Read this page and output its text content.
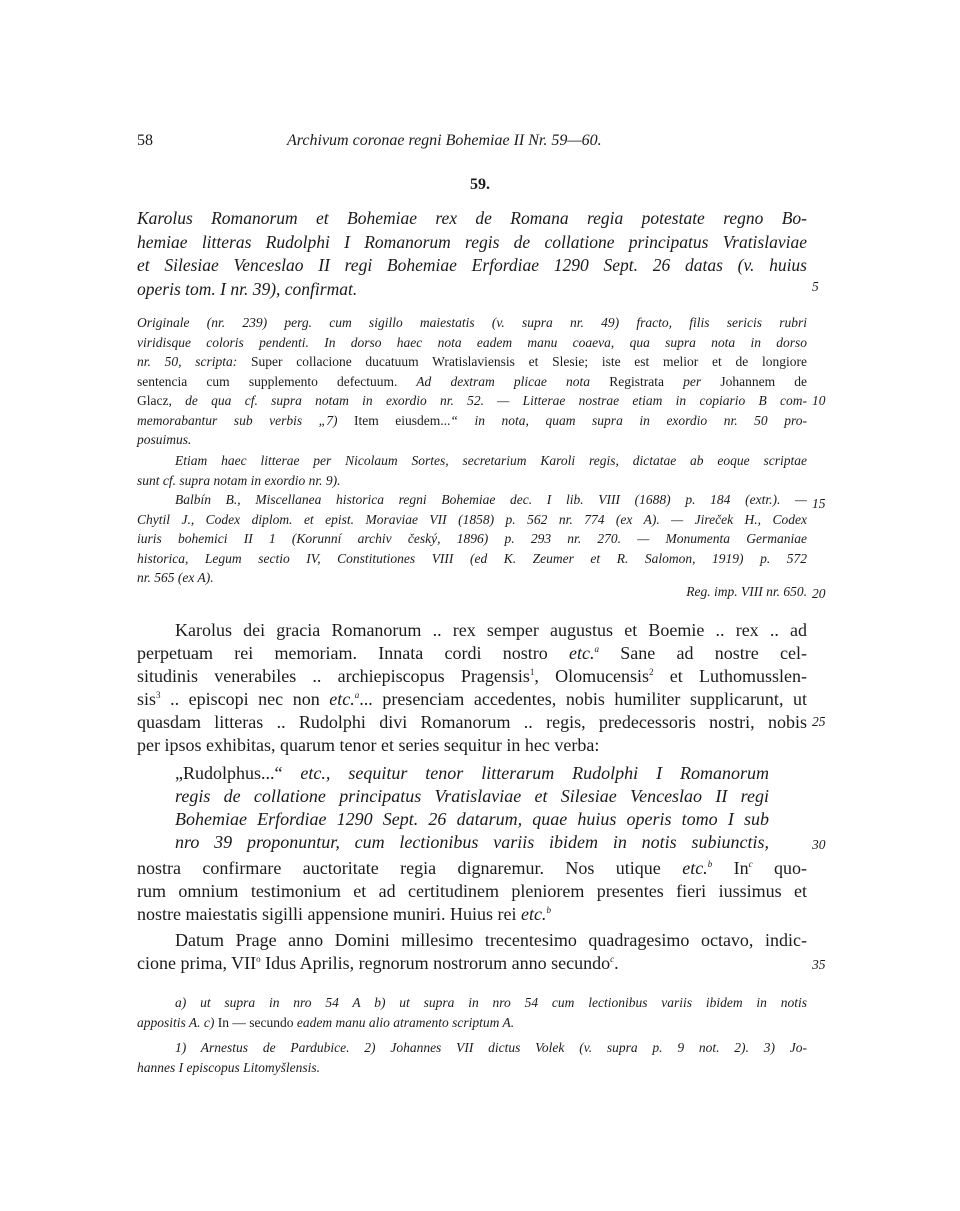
58	Archivum coronae regni Bohemiae II Nr. 59—60.
59.
Karolus Romanorum et Bohemiae rex de Romana regia potestate regno Bo-
hemiae litteras Rudolphi I Romanorum regis de collatione principatus Vratislaviae
et Silesiae Venceslao II regi Bohemiae Erfordiae 1290 Sept. 26 datas (v. huius
operis tom. I nr. 39), confirmat.	5
Originale (nr. 239) perg. cum sigillo maiestatis (v. supra nr. 49) fracto, filis sericis rubri
viridisque coloris pendenti. In dorso haec nota eadem manu coaeva, qua supra nota in dorso
nr. 50, scripta: Super collacione ducatuum Wratislaviensis et Slesie; iste est melior et de longiore
sentencia cum supplemento defectuum. Ad dextram plicae nota Registrata per Johannem de
Glacz, de qua cf. supra notam in exordio nr. 52. — Litterae nostrae etiam in copiario B com-
memorabantur sub verbis „7) Item eiusdem...“ in nota, quam supra in exordio nr. 50 pro-
posuimus.
10
Etiam haec litterae per Nicolaum Sortes, secretarium Karoli regis, dictatae ab eoque scriptae
sunt cf. supra notam in exordio nr. 9).
Balbín B., Miscellanea historica regni Bohemiae dec. I lib. VIII (1688) p. 184 (extr.). —
Chytil J., Codex diplom. et epist. Moraviae VII (1858) p. 562 nr. 774 (ex A). — Jireček H., Codex
iuris bohemici II 1 (Korunní archiv český, 1896) p. 293 nr. 270. — Monumenta Germaniae
historica, Legum sectio IV, Constitutiones VIII (ed K. Zeumer et R. Salomon, 1919) p. 572
nr. 565 (ex A).
15
Reg. imp. VIII nr. 650. 20
Karolus dei gracia Romanorum .. rex semper augustus et Boemie .. rex .. ad
perpetuam rei memoriam. Innata cordi nostro etc.$^a$ Sane ad nostre cel-
situdinis venerabiles .. archiepiscopus Pragensis$^1$, Olomucensis$^2$ et Luthomusslen-
sis$^3$ .. episcopi nec non etc.$^a$... presenciam accedentes, nobis humiliter supplicarunt, ut
quasdam litteras .. Rudolphi divi Romanorum .. regis, predecessoris nostri, nobis
per ipsos exhibitas, quarum tenor et series sequitur in hec verba:
25
„Rudolphus...“ etc., sequitur tenor litterarum Rudolphi I Romanorum
regis de collatione principatus Vratislaviae et Silesiae Venceslao II regi
Bohemiae Erfordiae 1290 Sept. 26 datarum, quae huius operis tomo I sub
nro 39 proponuntur, cum lectionibus variis ibidem in notis subiunctis,	30
nostra confirmare auctoritate regia dignaremur. Nos utique etc.$^b$ In$^c$ quo-
rum omnium testimonium et ad certitudinem pleniorem presentes fieri iussimus et
nostre maiestatis sigilli appensione muniri. Huius rei etc.$^b$
Datum Prage anno Domini millesimo trecentesimo quadragesimo octavo, indic-
cione prima, VII$^o$ Idus Aprilis, regnorum nostrorum anno secundo$^c$.	35
a) ut supra in nro 54 A b) ut supra in nro 54 cum lectionibus variis ibidem in notis
appositis A. c) In — secundo eadem manu alio atramento scriptum A.
1) Arnestus de Pardubice. 2) Johannes VII dictus Volek (v. supra p. 9 not. 2). 3) Jo-
hannes I episcopus Litomyšlensis.
